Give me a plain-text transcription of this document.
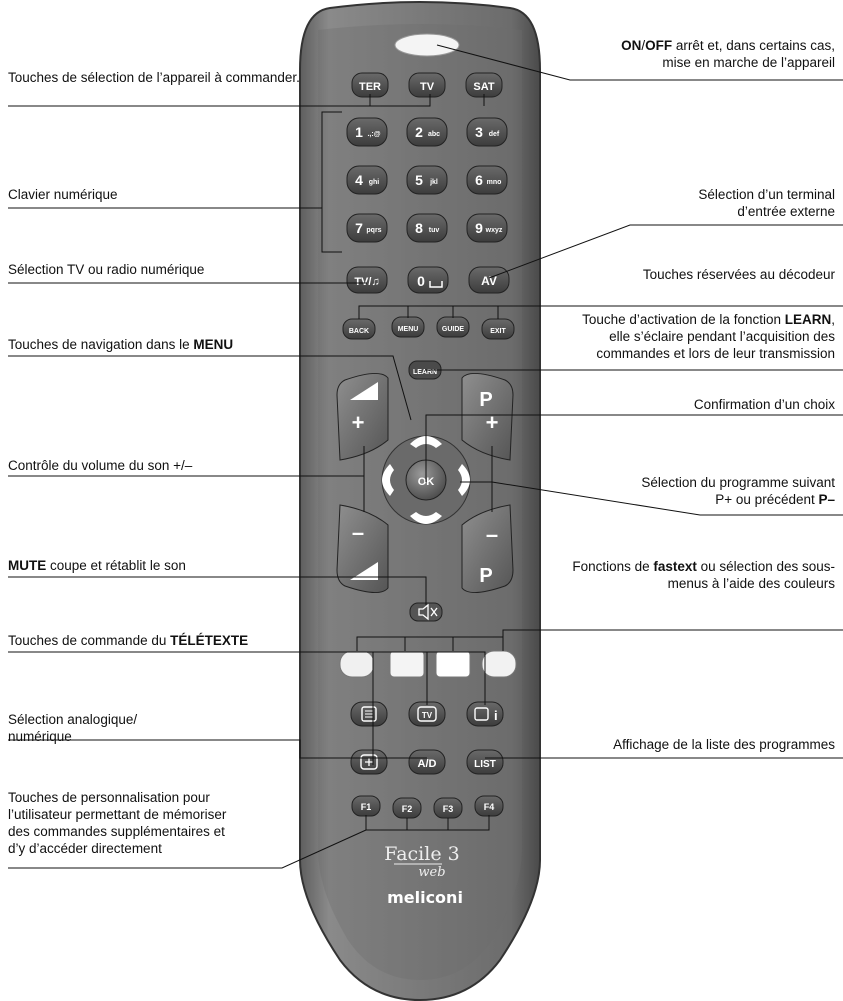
TER	TV	SAT
1 .,:@ 2 abc	3 def
4 ghi	5 jkl	6 mno
7 pqrs 8 tuv	9 wxyz
TV/♫	0	AV
BACK	MENU	GUIDE	EXIT
LEARN
+
–
P
+
–
P
OK
TV	i
A/D	LIST
F1	F2	F3	F4
Facile 3
web
meliconi
Touches de sélection de l’appareil à commander.
Clavier numérique
Sélection TV ou radio numérique
Touches de navigation dans le MENU
Contrôle du volume du son +/–
MUTE coupe et rétablit le son
Touches de commande du TÉLÉTEXTE
Sélection analogique/
numérique
Touches de personnalisation pour
l’utilisateur permettant de mémoriser
des commandes supplémentaires et
d’y d’accéder directement
ON/OFF arrêt et, dans certains cas,
mise en marche de l’appareil
Sélection d’un terminal
d’entrée externe
Touches réservées au décodeur
Touche d’activation de la fonction LEARN,
elle s’éclaire pendant l’acquisition des
commandes et lors de leur transmission
Confirmation d’un choix
Sélection du programme suivant
P+ ou précédent P–
Fonctions de fastext ou sélection des sous-
menus à l’aide des couleurs
Affichage de la liste des programmes
